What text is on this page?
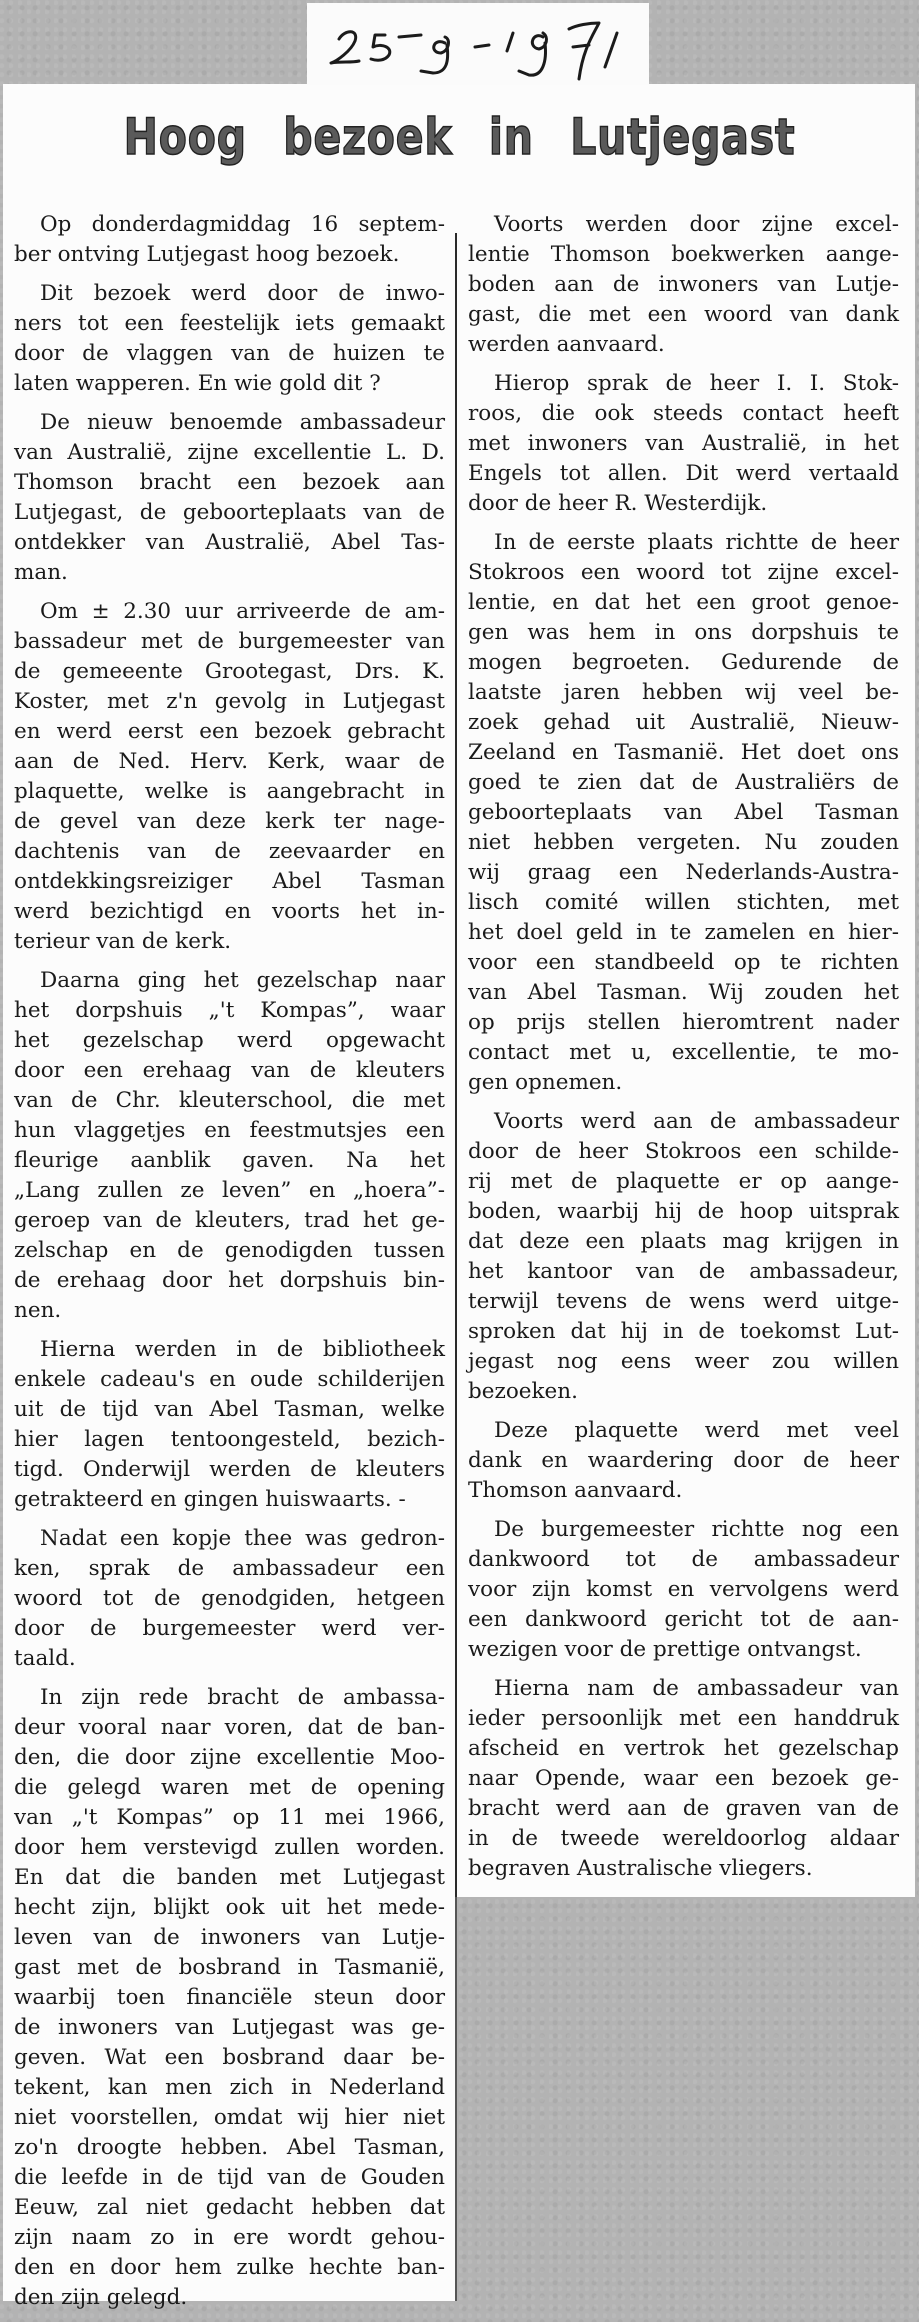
Hoog bezoek in Lutjegast
Op donderdagmiddag 16 septem-
ber ontving Lutjegast hoog bezoek.
Dit bezoek werd door de inwo-
ners tot een feestelijk iets gemaakt
door de vlaggen van de huizen te
laten wapperen. En wie gold dit ?
De nieuw benoemde ambassadeur
van Australië, zijne excellentie L. D.
Thomson bracht een bezoek aan
Lutjegast, de geboorteplaats van de
ontdekker van Australië, Abel Tas-
man.
Om ± 2.30 uur arriveerde de am-
bassadeur met de burgemeester van
de gemeeente Grootegast, Drs. K.
Koster, met z'n gevolg in Lutjegast
en werd eerst een bezoek gebracht
aan de Ned. Herv. Kerk, waar de
plaquette, welke is aangebracht in
de gevel van deze kerk ter nage-
dachtenis van de zeevaarder en
ontdekkingsreiziger Abel Tasman
werd bezichtigd en voorts het in-
terieur van de kerk.
Daarna ging het gezelschap naar
het dorpshuis „'t Kompas”, waar
het gezelschap werd opgewacht
door een erehaag van de kleuters
van de Chr. kleuterschool, die met
hun vlaggetjes en feestmutsjes een
fleurige aanblik gaven. Na het
„Lang zullen ze leven” en „hoera”-
geroep van de kleuters, trad het ge-
zelschap en de genodigden tussen
de erehaag door het dorpshuis bin-
nen.
Hierna werden in de bibliotheek
enkele cadeau's en oude schilderijen
uit de tijd van Abel Tasman, welke
hier lagen tentoongesteld, bezich-
tigd. Onderwijl werden de kleuters
getrakteerd en gingen huiswaarts. -
Nadat een kopje thee was gedron-
ken, sprak de ambassadeur een
woord tot de genodgiden, hetgeen
door de burgemeester werd ver-
taald.
In zijn rede bracht de ambassa-
deur vooral naar voren, dat de ban-
den, die door zijne excellentie Moo-
die gelegd waren met de opening
van „'t Kompas” op 11 mei 1966,
door hem verstevigd zullen worden.
En dat die banden met Lutjegast
hecht zijn, blijkt ook uit het mede-
leven van de inwoners van Lutje-
gast met de bosbrand in Tasmanië,
waarbij toen financiële steun door
de inwoners van Lutjegast was ge-
geven. Wat een bosbrand daar be-
tekent, kan men zich in Nederland
niet voorstellen, omdat wij hier niet
zo'n droogte hebben. Abel Tasman,
die leefde in de tijd van de Gouden
Eeuw, zal niet gedacht hebben dat
zijn naam zo in ere wordt gehou-
den en door hem zulke hechte ban-
den zijn gelegd.
Voorts werden door zijne excel-
lentie Thomson boekwerken aange-
boden aan de inwoners van Lutje-
gast, die met een woord van dank
werden aanvaard.
Hierop sprak de heer I. I. Stok-
roos, die ook steeds contact heeft
met inwoners van Australië, in het
Engels tot allen. Dit werd vertaald
door de heer R. Westerdijk.
In de eerste plaats richtte de heer
Stokroos een woord tot zijne excel-
lentie, en dat het een groot genoe-
gen was hem in ons dorpshuis te
mogen begroeten. Gedurende de
laatste jaren hebben wij veel be-
zoek gehad uit Australië, Nieuw-
Zeeland en Tasmanië. Het doet ons
goed te zien dat de Australiërs de
geboorteplaats van Abel Tasman
niet hebben vergeten. Nu zouden
wij graag een Nederlands-Austra-
lisch comité willen stichten, met
het doel geld in te zamelen en hier-
voor een standbeeld op te richten
van Abel Tasman. Wij zouden het
op prijs stellen hieromtrent nader
contact met u, excellentie, te mo-
gen opnemen.
Voorts werd aan de ambassadeur
door de heer Stokroos een schilde-
rij met de plaquette er op aange-
boden, waarbij hij de hoop uitsprak
dat deze een plaats mag krijgen in
het kantoor van de ambassadeur,
terwijl tevens de wens werd uitge-
sproken dat hij in de toekomst Lut-
jegast nog eens weer zou willen
bezoeken.
Deze plaquette werd met veel
dank en waardering door de heer
Thomson aanvaard.
De burgemeester richtte nog een
dankwoord tot de ambassadeur
voor zijn komst en vervolgens werd
een dankwoord gericht tot de aan-
wezigen voor de prettige ontvangst.
Hierna nam de ambassadeur van
ieder persoonlijk met een handdruk
afscheid en vertrok het gezelschap
naar Opende, waar een bezoek ge-
bracht werd aan de graven van de
in de tweede wereldoorlog aldaar
begraven Australische vliegers.
